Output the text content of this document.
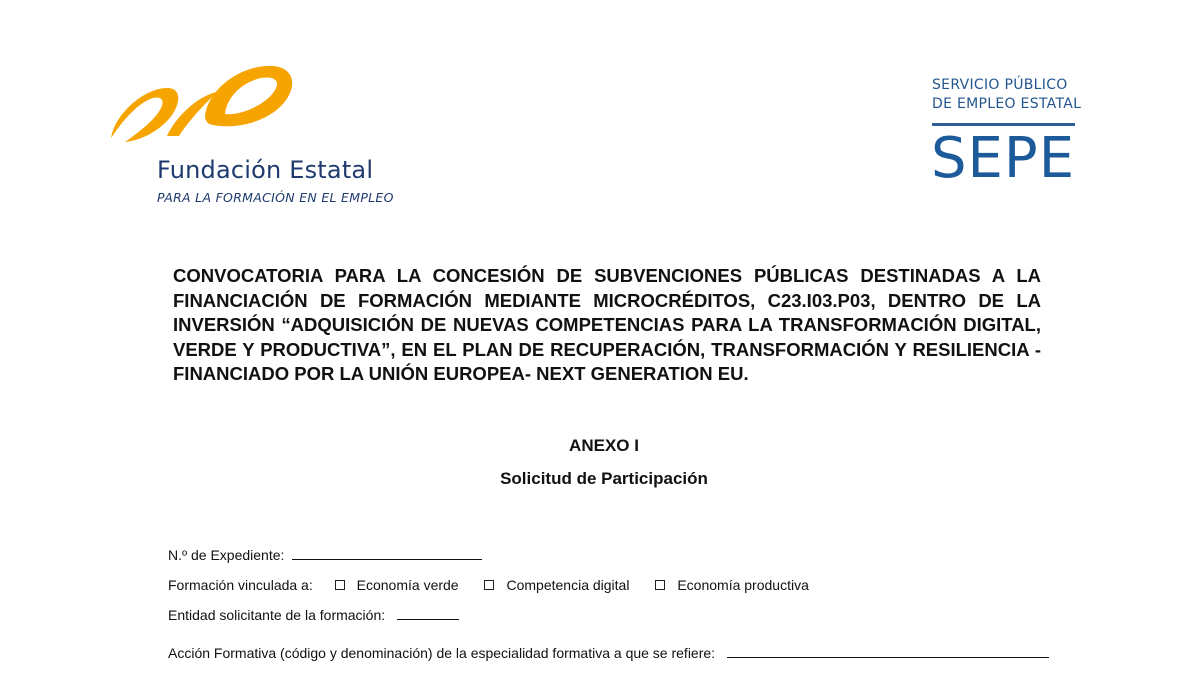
Fundación Estatal
PARA LA FORMACIÓN EN EL EMPLEO
SERVICIO PÚBLICO
DE EMPLEO ESTATAL
SEPE
CONVOCATORIA PARA LA CONCESIÓN DE SUBVENCIONES PÚBLICAS DESTINADAS A LA FINANCIACIÓN DE FORMACIÓN MEDIANTE MICROCRÉDITOS, C23.I03.P03, DENTRO DE LA INVERSIÓN “ADQUISICIÓN DE NUEVAS COMPETENCIAS PARA LA TRANSFORMACIÓN DIGITAL, VERDE Y PRODUCTIVA”, EN EL PLAN DE RECUPERACIÓN, TRANSFORMACIÓN Y RESILIENCIA -FINANCIADO POR LA UNIÓN EUROPEA- NEXT GENERATION EU.
ANEXO I
Solicitud de Participación
N.º de Expediente:
Formación vinculada a:	Economía verde	Competencia digital	Economía productiva
Entidad solicitante de la formación:
Acción Formativa (código y denominación) de la especialidad formativa a que se refiere:
